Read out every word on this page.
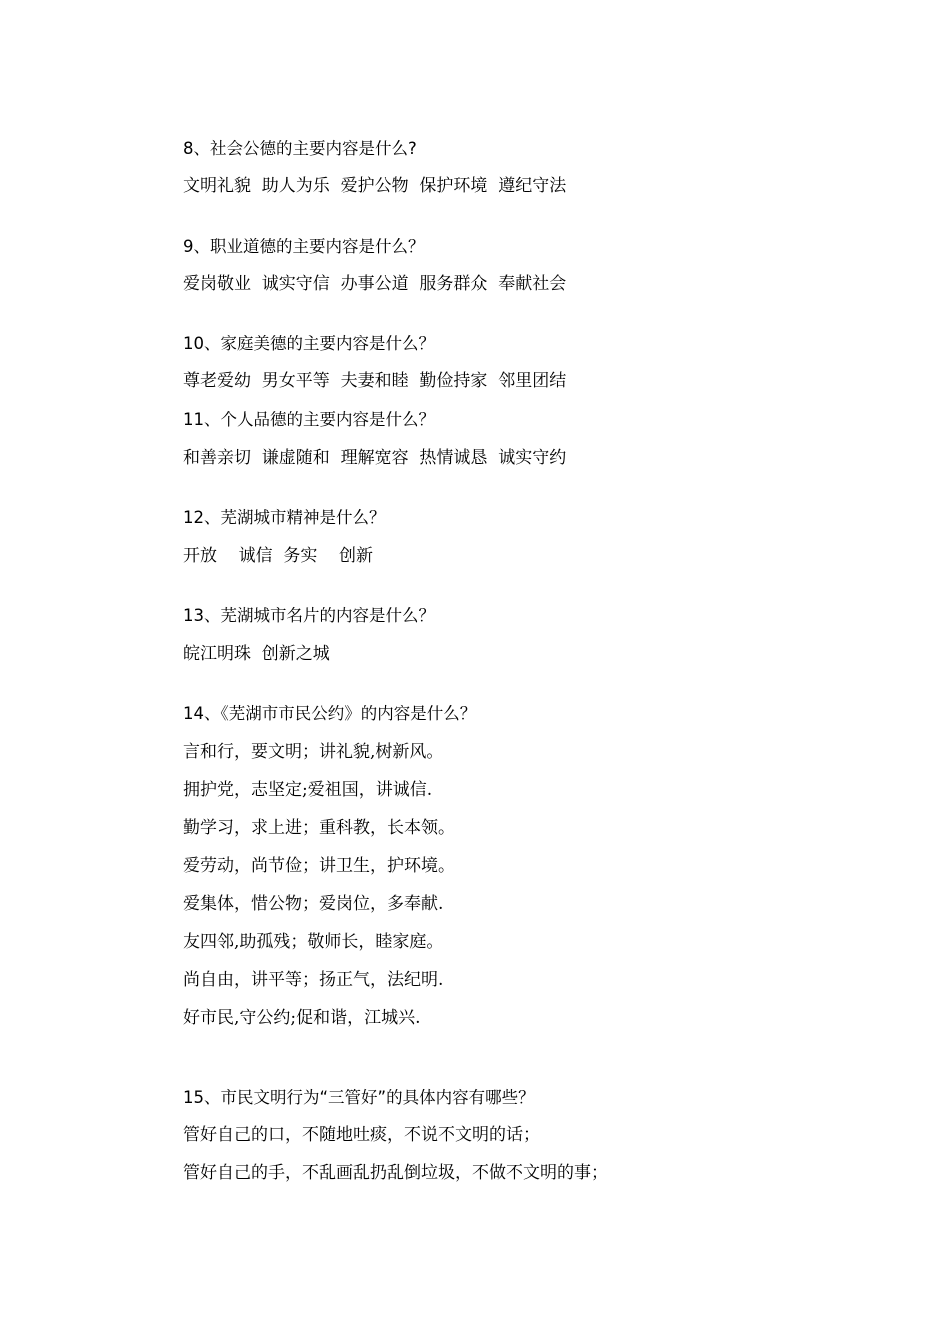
8、社会公德的主要内容是什么?
文明礼貌  助人为乐  爱护公物  保护环境  遵纪守法
9、职业道德的主要内容是什么？
爱岗敬业  诚实守信  办事公道  服务群众  奉献社会
10、家庭美德的主要内容是什么？
尊老爱幼  男女平等  夫妻和睦  勤俭持家  邻里团结
11、个人品德的主要内容是什么？
和善亲切  谦虚随和  理解宽容  热情诚恳  诚实守约
12、芜湖城市精神是什么？
开放    诚信  务实    创新
13、芜湖城市名片的内容是什么？
皖江明珠  创新之城
14、《芜湖市市民公约》的内容是什么？
言和行，要文明；讲礼貌,树新风。
拥护党，志坚定;爱祖国，讲诚信.
勤学习，求上进；重科教，长本领。
爱劳动，尚节俭；讲卫生，护环境。
爱集体，惜公物；爱岗位，多奉献.
友四邻,助孤残；敬师长，睦家庭。
尚自由，讲平等；扬正气，法纪明.
好市民,守公约;促和谐，江城兴.
15、市民文明行为“三管好”的具体内容有哪些？
管好自己的口，不随地吐痰，不说不文明的话；
管好自己的手，不乱画乱扔乱倒垃圾，不做不文明的事；
